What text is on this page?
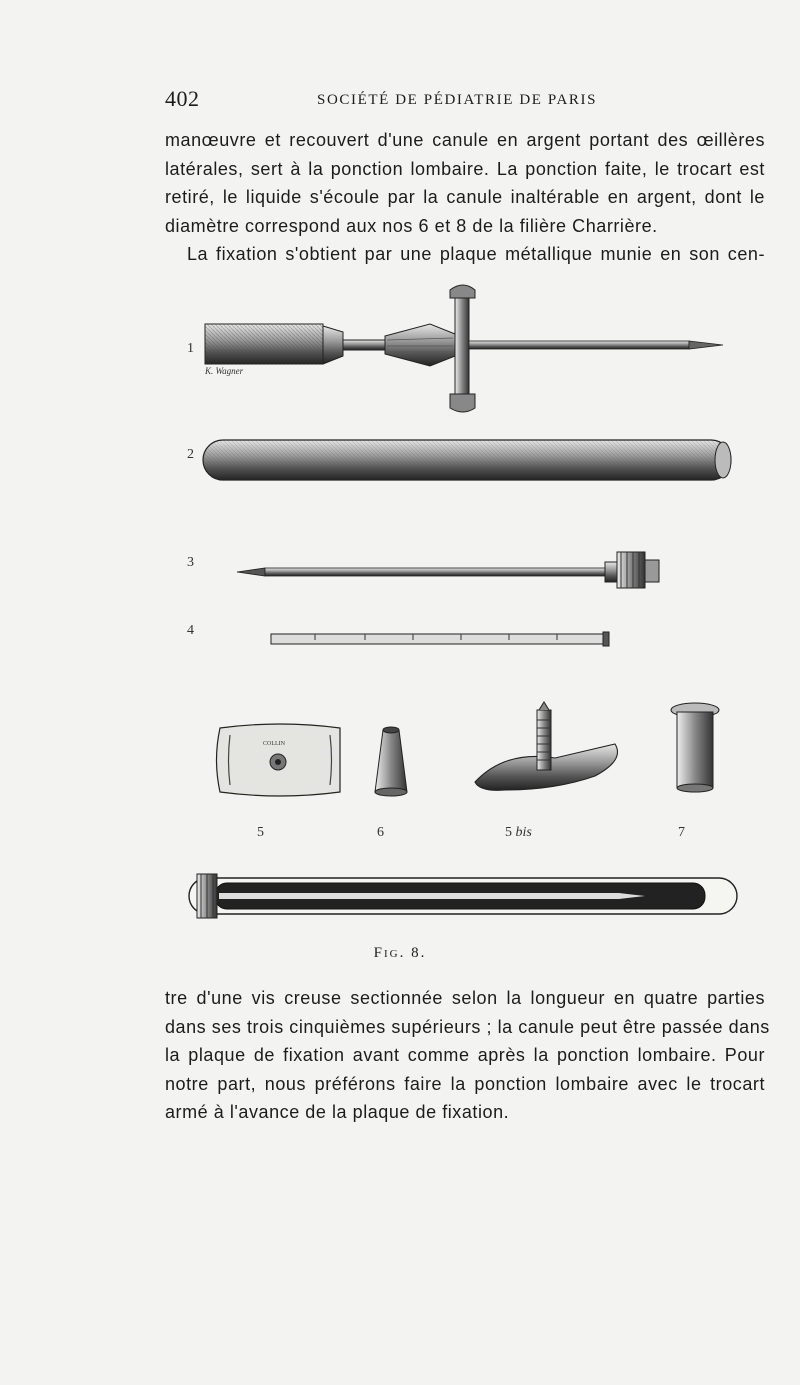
402	SOCIÉTÉ DE PÉDIATRIE DE PARIS
manœuvre et recouvert d'une canule en argent portant des œillères
latérales, sert à la ponction lombaire. La ponction faite, le trocart est
retiré, le liquide s'écoule par la canule inaltérable en argent, dont le
diamètre correspond aux nos 6 et 8 de la filière Charrière.
La fixation s'obtient par une plaque métallique munie en son cen-
1
K. Wagner
2
3
4
COLLIN
5	6	5 bis	7
Fig. 8.
tre d'une vis creuse sectionnée selon la longueur en quatre parties
dans ses trois cinquièmes supérieurs ; la canule peut être passée dans
la plaque de fixation avant comme après la ponction lombaire. Pour
notre part, nous préférons faire la ponction lombaire avec le trocart
armé à l'avance de la plaque de fixation.
